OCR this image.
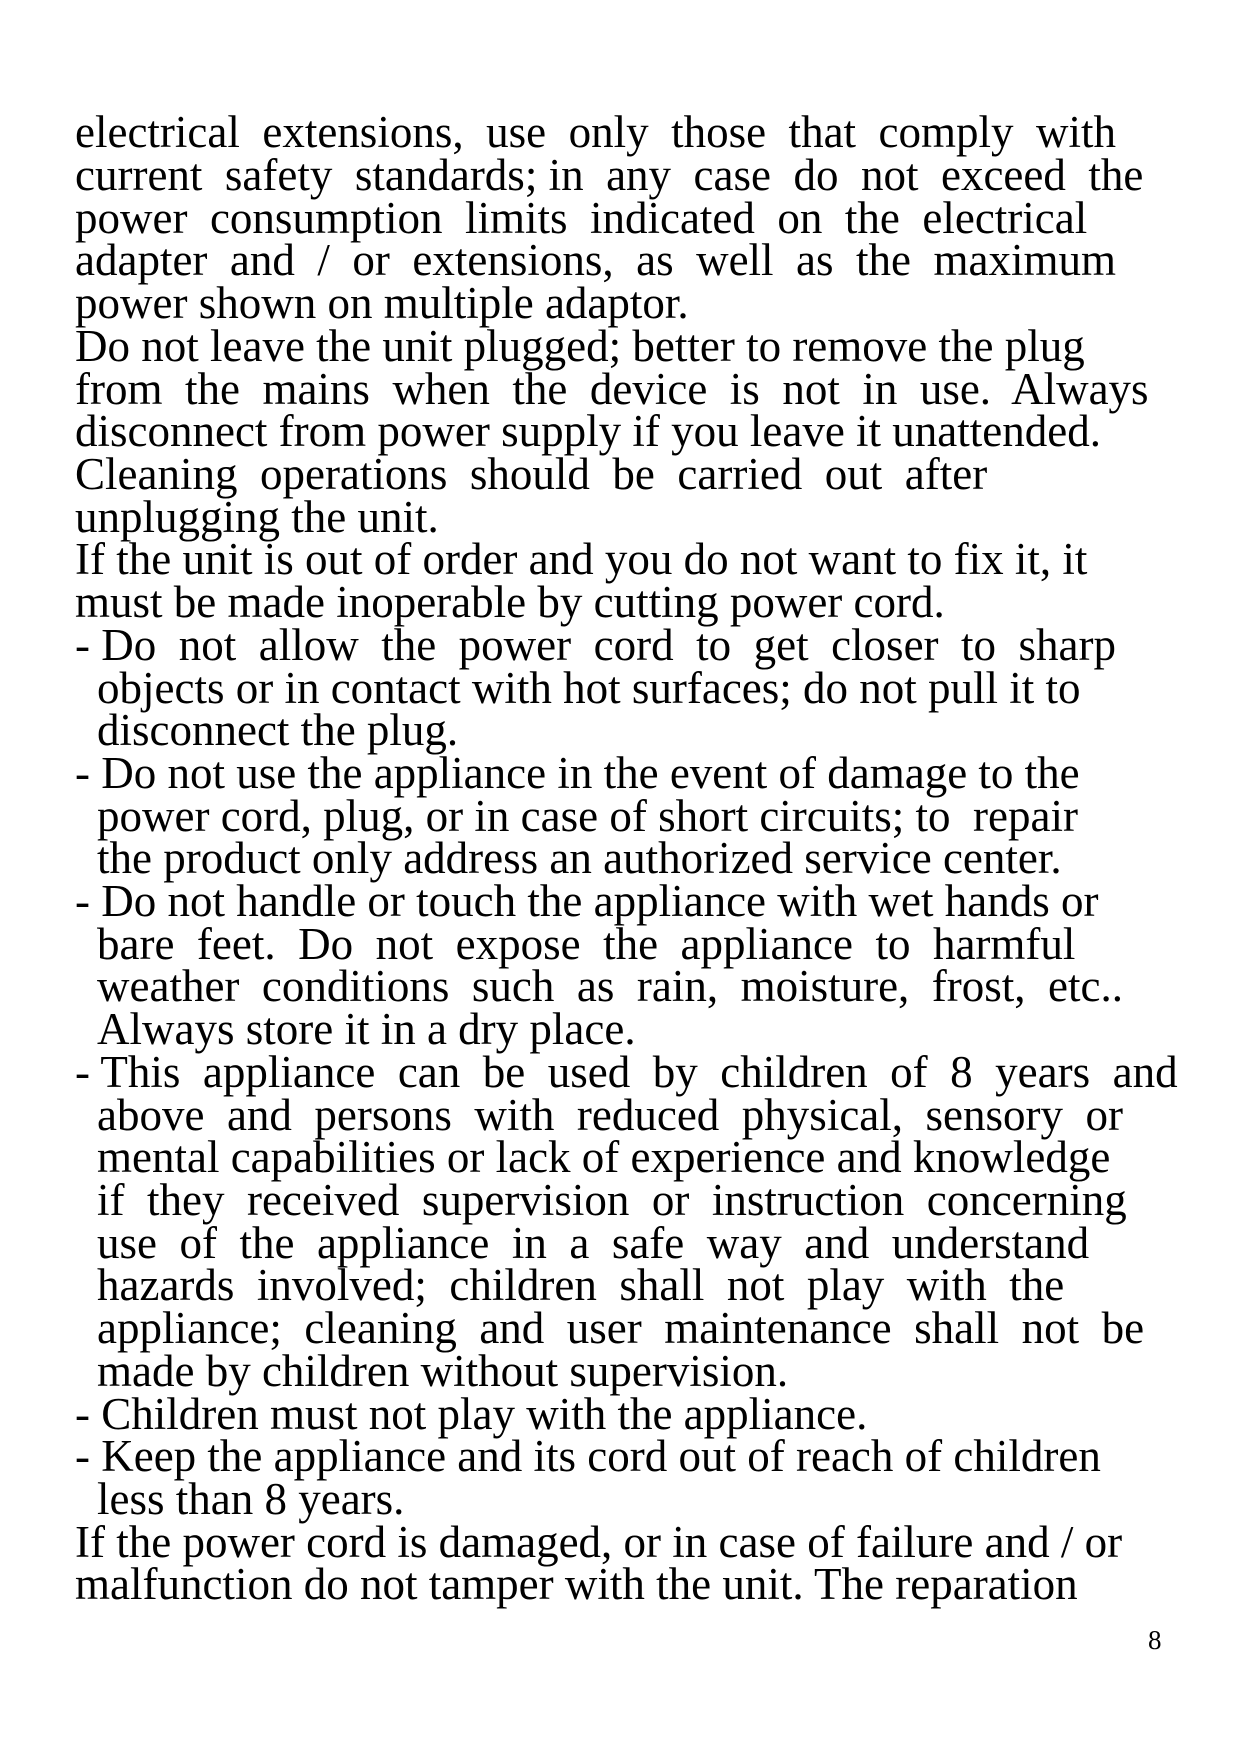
electrical  extensions,  use  only  those  that  comply  with
current  safety  standards; in  any  case  do  not  exceed  the
power  consumption  limits  indicated  on  the  electrical
adapter  and  /  or  extensions,  as  well  as  the  maximum
power shown on multiple adaptor.
Do not leave the unit plugged; better to remove the plug
from  the  mains  when  the  device  is  not  in  use.  Always
disconnect from power supply if you leave it unattended.
Cleaning  operations  should  be  carried  out  after
unplugging the unit.
If the unit is out of order and you do not want to fix it, it
must be made inoperable by cutting power cord.
- Do  not  allow  the  power  cord  to  get  closer  to  sharp
objects or in contact with hot surfaces; do not pull it to
disconnect the plug.
- Do not use the appliance in the event of damage to the
power cord, plug, or in case of short circuits; to  repair
the product only address an authorized service center.
- Do not handle or touch the appliance with wet hands or
bare  feet.  Do  not  expose  the  appliance  to  harmful
weather  conditions  such  as  rain,  moisture,  frost,  etc..
Always store it in a dry place.
- This  appliance  can  be  used  by  children  of  8  years  and
above  and  persons  with  reduced  physical,  sensory  or
mental capabilities or lack of experience and knowledge
if  they  received  supervision  or  instruction  concerning
use  of  the  appliance  in  a  safe  way  and  understand
hazards  involved;  children  shall  not  play  with  the
appliance;  cleaning  and  user  maintenance  shall  not  be
made by children without supervision.
- Children must not play with the appliance.
- Keep the appliance and its cord out of reach of children
less than 8 years.
If the power cord is damaged, or in case of failure and / or
malfunction do not tamper with the unit. The reparation
8
